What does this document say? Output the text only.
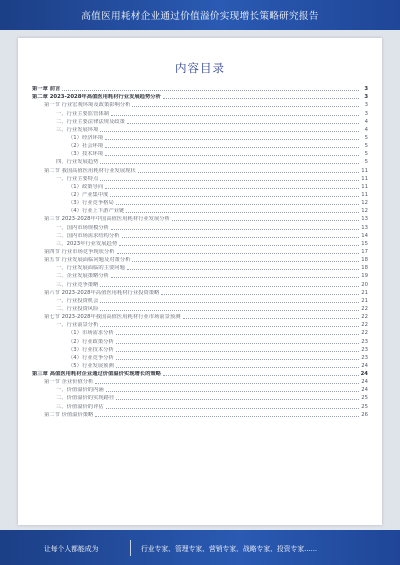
高值医用耗材企业通过价值溢价实现增长策略研究报告
内容目录
第一章 前言	3
第二章 2023-2028年高值医用耗材行业发展趋势分析	3
第一节 行业宏观环境及政策影响分析	3
一、行业主要监管体制	3
二、行业主要法律法规及政策	4
三、行业发展环境	4
（1）经济环境	5
（2）社会环境	5
（3）技术环境	5
四、行业发展趋势	5
第二节 我国高值医用耗材行业发展现状	11
一、行业主要特点	11
（1）政策导向	11
（2）产业集中度	11
（3）行业竞争格局	12
（4）行业上下游产业链	12
第三节 2023-2028年中国高值医用耗材行业发展分析	13
一、国内市场规模分析	13
二、国内市场需求结构分析	14
三、2023年行业发展趋势	15
第四节 行业市场竞争现状分析	17
第五节 行业发展面临问题及对策分析	18
一、行业发展面临的主要问题	18
二、企业发展策略分析	19
三、行业竞争策略	20
第六节 2023-2028年高值医用耗材行业投资策略	21
一、行业投资机会	21
二、行业投资风险	22
第七节 2023-2028年我国高值医用耗材行业市场前景预测	22
一、行业前景分析	22
（1）市场需求分析	22
（2）行业政策分析	23
（3）行业技术分析	23
（4）行业竞争分析	23
（5）行业发展预测	24
第三章 高值医用耗材企业通过价值溢价实现增长的策略	24
第一节 企业价值分析	24
一、价值溢价的内涵	24
二、价值溢价的实现路径	25
三、价值溢价的评估	25
第二节 价值溢价策略	26
让每个人都能成为	行业专家、管理专家、营销专家、战略专家、投资专家......
